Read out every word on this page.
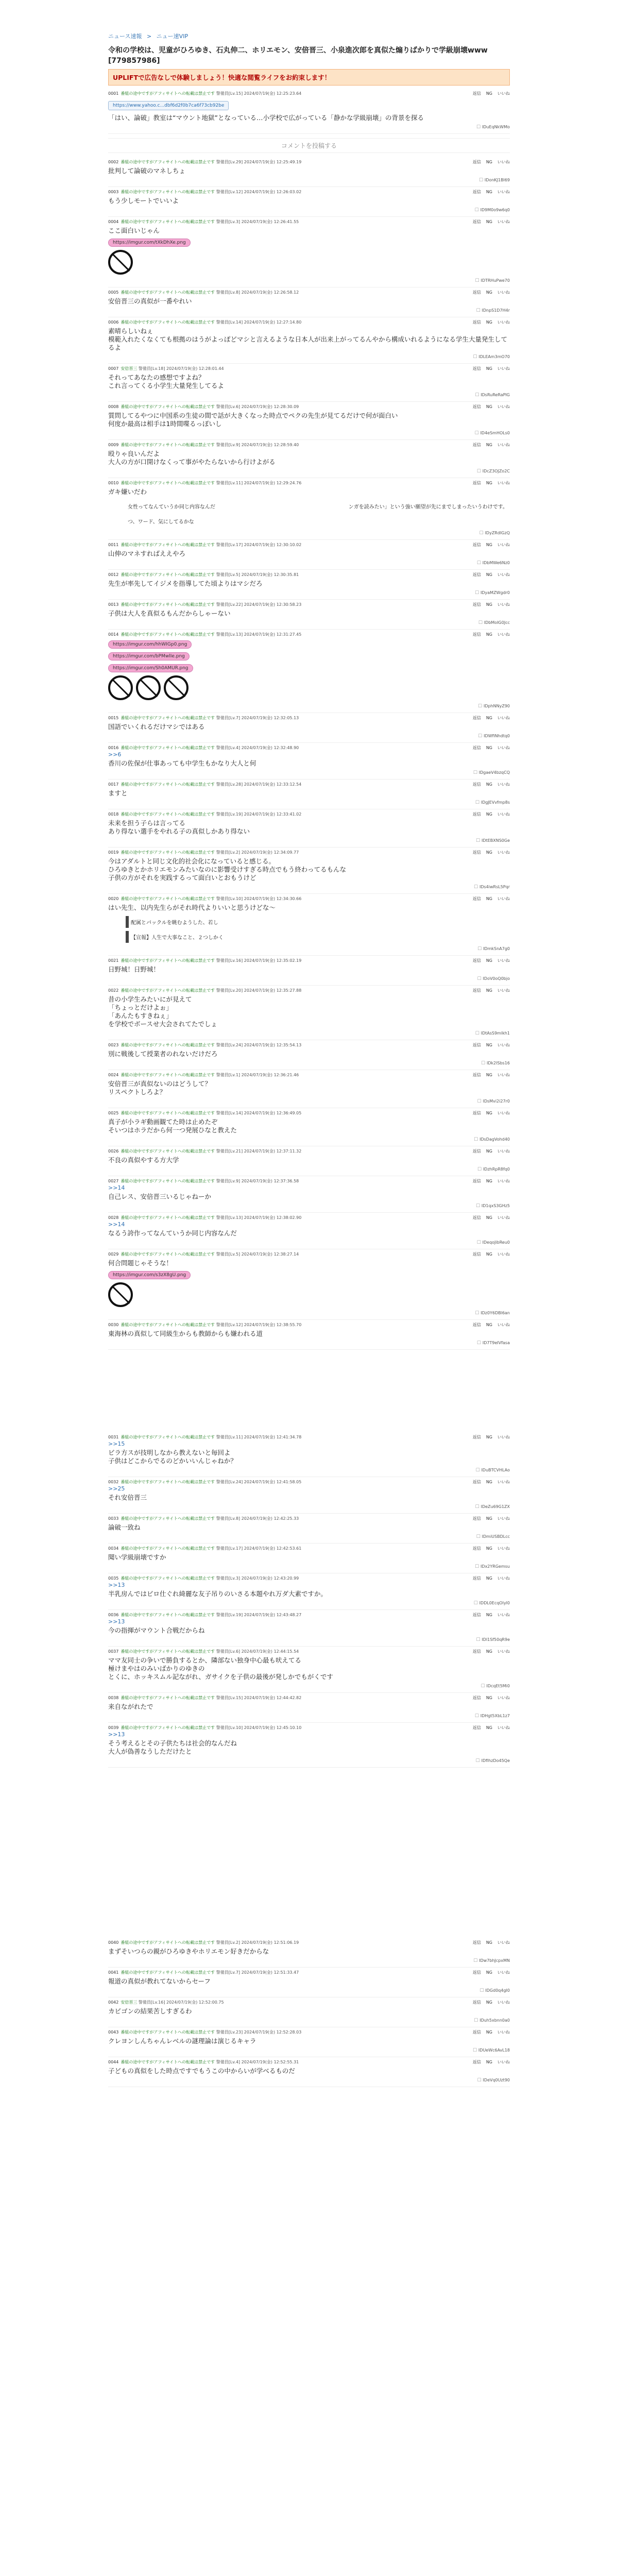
ニュース速報 > ニュー速VIP
令和の学校は、児童がひろゆき、石丸伸二、ホリエモン、安倍晋三、小泉進次郎を真似た煽りばかりで学級崩壊www [779857986]
UPLIFTで広告なしで体験しましょう！快適な閲覧ライフをお約束します！
0001 番組の途中ですがアフィサイトへの転載は禁止です 警備員[Lv.15] 2024/07/19(金) 12:25:23.64	返信 NG いいね
https://www.yahoo.c...dbf6d2f0b7ca6f73cb92be
「はい、論破」教室は“マウント地獄”となっている…小学校で広がっている「静かな学級崩壊」の背景を探る
☐ IDuEqNkWMo
コメントを投稿する
0002 番組の途中ですがアフィサイトへの転載は禁止です 警備員[Lv.29] 2024/07/19(金) 12:25:49.19	返信 NG いいね
批判して論破のマネしちょ
☐ IDonKJ1Bl69
0003 番組の途中ですがアフィサイトへの転載は禁止です 警備員[Lv.12] 2024/07/19(金) 12:26:03.02	返信 NG いいね
もう少しモートでいいよ
☐ ID9M0o9w6q0
0004 番組の途中ですがアフィサイトへの転載は禁止です 警備員[Lv.3] 2024/07/19(金) 12:26:41.55	返信 NG いいね
ここ面白いじゃん
https://imgur.com/tXkDhXe.png
☐ IDTRHuPwe70
0005 番組の途中ですがアフィサイトへの転載は禁止です 警備員[Lv.8] 2024/07/19(金) 12:26:58.12	返信 NG いいね
安倍晋三の真似が一番やれい
☐ IDnpS1D7H4r
0006 番組の途中ですがアフィサイトへの転載は禁止です 警備員[Lv.14] 2024/07/19(金) 12:27:14.80	返信 NG いいね
素晴らしいねぇ
模範入れたくなくても根拠のはうがよっぽどマシと言えるような日本人が出来上がってるんやから構成いれるようになる学生大量発生してるよ
☐ IDLEAm3mO70
0007 安倍晋三 警備員[Lv.18] 2024/07/19(金) 12:28:01.44	返信 NG いいね
それってあなたの感想ですよね？
これ言ってくる小学生大量発生してるよ
☐ IDsRuReRaPIG
0008 番組の途中ですがアフィサイトへの転載は禁止です 警備員[Lv.6] 2024/07/19(金) 12:28:30.09	返信 NG いいね
質問してるやつに中国系の生徒の間で話が大きくなった時点でペクの先生が見てるだけで何が面白い
何度か最高は相手は1時間喋るっぽいし
☐ ID4eSmHOLs0
0009 番組の途中ですがアフィサイトへの転載は禁止です 警備員[Lv.9] 2024/07/19(金) 12:28:59.40	返信 NG いいね
殴りゃ良いんだよ
大人の方が口開けなくって事がやたらないから行けよがる
☐ IDcZ3OJZo2C
0010 番組の途中ですがアフィサイトへの転載は禁止です 警備員[Lv.11] 2024/07/19(金) 12:29:24.76	返信 NG いいね
ガキ嫌いだわ
女性ってなんていうか同じ内容なんだ	ンガを読みたい」という強い願望が先にまでしまったいうわけです。
つ、ワード、気にしてるかな
☐ IDyZRdIGzQ
0011 番組の途中ですがアフィサイトへの転載は禁止です 警備員[Lv.17] 2024/07/19(金) 12:30:10.02	返信 NG いいね
山伸のマネすればええやろ
☐ IDbMWe6Nz0
0012 番組の途中ですがアフィサイトへの転載は禁止です 警備員[Lv.5] 2024/07/19(金) 12:30:35.81	返信 NG いいね
先生が率先してイジメを指導してた頃よりはマシだろ
☐ IDyaMZWgdr0
0013 番組の途中ですがアフィサイトへの転載は禁止です 警備員[Lv.22] 2024/07/19(金) 12:30:58.23	返信 NG いいね
子供は大人を真似るもんだからしゃーない
☐ IDbMoIG0Jcc
0014 番組の途中ですがアフィサイトへの転載は禁止です 警備員[Lv.13] 2024/07/19(金) 12:31:27.45	返信 NG いいね
https://imgur.com/hhWIGp0.png
https://imgur.com/bPMwlIe.png
https://imgur.com/Sh0AMUR.png
☐ IDphNNyZ90
0015 番組の途中ですがアフィサイトへの転載は禁止です 警備員[Lv.7] 2024/07/19(金) 12:32:05.13	返信 NG いいね
国語でいくれるだけマシではある
☐ IDWfiNhdtq0
0016 番組の途中ですがアフィサイトへの転載は禁止です 警備員[Lv.4] 2024/07/19(金) 12:32:48.90	返信 NG いいね
>>6
香川の佐保が仕事あっても中学生もかなり大人と何
☐ IDgaeV4bzqCQ
0017 番組の途中ですがアフィサイトへの転載は禁止です 警備員[Lv.28] 2024/07/19(金) 12:33:12.54	返信 NG いいね
ますと
☐ IDgJEVvfmp8s
0018 番組の途中ですがアフィサイトへの転載は禁止です 警備員[Lv.19] 2024/07/19(金) 12:33:41.02	返信 NG いいね
未来を担う子らは言ってる
あり得ない選手をやれる子の真似しかあり得ない
☐ IDtEBXNS0Ge
0019 番組の途中ですがアフィサイトへの転載は禁止です 警備員[Lv.2] 2024/07/19(金) 12:34:09.77	返信 NG いいね
今はアダルトと同じ文化的社会化になっていると感じる。
ひろゆきとかホリエモンみたいなのに影響受けすぎる時点でもう終わってるもんな
子供の方がそれを実践するって面白いとおもうけど
☐ IDs4iwRsL5Pqr
0020 番組の途中ですがアフィサイトへの転載は禁止です 警備員[Lv.10] 2024/07/19(金) 12:34:30.66	返信 NG いいね
はい先生、以内先生らがそれ時代よりいいと思うけどな〜
配属とパックルを眺むようした、若し
【宣報】人生で大事なこと、２つしかく
☐ IDmkSnA7g0
0021 番組の途中ですがアフィサイトへの転載は禁止です 警備員[Lv.16] 2024/07/19(金) 12:35:02.19	返信 NG いいね
日野城！日野城！
☐ IDoV0oQ0bjo
0022 番組の途中ですがアフィサイトへの転載は禁止です 警備員[Lv.20] 2024/07/19(金) 12:35:27.88	返信 NG いいね
昔の小学生みたいにが見えて
「ちょっとだけよぉ」
「あんたもすきねぇ」
を学校でボースせ大会されてたでしょ
☐ IDtAsS9mlkh1
0023 番組の途中ですがアフィサイトへの転載は禁止です 警備員[Lv.24] 2024/07/19(金) 12:35:54.13	返信 NG いいね
別に戦後して授業者のれないだけだろ
☐ IDk2lSbs16
0024 番組の途中ですがアフィサイトへの転載は禁止です 警備員[Lv.1] 2024/07/19(金) 12:36:21.46	返信 NG いいね
安倍晋三が真似ないのはどうして？
リスペクトしろよ？
☐ IDsMvi2i27r0
0025 番組の途中ですがアフィサイトへの転載は禁止です 警備員[Lv.14] 2024/07/19(金) 12:36:49.05	返信 NG いいね
真子が小ラギ動画観てた時は止めたぞ
そいつはホラだから何一つ発展ひなと教えた
☐ IDsDagVohd40
0026 番組の途中ですがアフィサイトへの転載は禁止です 警備員[Lv.21] 2024/07/19(金) 12:37:11.32	返信 NG いいね
不良の真似やする方大学
☐ IDzhRpR8fq0
0027 番組の途中ですがアフィサイトへの転載は禁止です 警備員[Lv.9] 2024/07/19(金) 12:37:36.58	返信 NG いいね
>>14
自己レス、安倍晋三いるじゃねーか
☐ ID1qxS3GHz5
0028 番組の途中ですがアフィサイトへの転載は禁止です 警備員[Lv.13] 2024/07/19(金) 12:38:02.90	返信 NG いいね
>>14
なるう誇作ってなんていうか同じ内容なんだ
☐ IDeqoJibReu0
0029 番組の途中ですがアフィサイトへの転載は禁止です 警備員[Lv.5] 2024/07/19(金) 12:38:27.14	返信 NG いいね
何合問題じゃそうな！
https://imgur.com/s3zX8gU.png
☐ IDz0Y6DBl6an
0030 番組の途中ですがアフィサイトへの転載は禁止です 警備員[Lv.12] 2024/07/19(金) 12:38:55.70	返信 NG いいね
東海林の真似して同級生からも教師からも嫌われる道
☐ ID7T9eIVfasa
0031 番組の途中ですがアフィサイトへの転載は禁止です 警備員[Lv.11] 2024/07/19(金) 12:41:34.78	返信 NG いいね
>>15
ビラ方スが技明しなから教えないと毎回よ
子供はどこからでるのどかいいんじゃねか？
☐ IDuBTCVHLAo
0032 番組の途中ですがアフィサイトへの転載は禁止です 警備員[Lv.24] 2024/07/19(金) 12:41:58.05	返信 NG いいね
>>25
それ安倍晋三
☐ IDeZu69G1ZX
0033 番組の途中ですがアフィサイトへの転載は禁止です 警備員[Lv.8] 2024/07/19(金) 12:42:25.33	返信 NG いいね
論破一致ね
☐ IDmiUSBDLcc
0034 番組の途中ですがアフィサイトへの転載は禁止です 警備員[Lv.17] 2024/07/19(金) 12:42:53.61	返信 NG いいね
聞い学級崩壊ですか
☐ IDx2YRGemsu
0035 番組の途中ですがアフィサイトへの転載は禁止です 警備員[Lv.3] 2024/07/19(金) 12:43:20.99	返信 NG いいね
>>13
半乳房んではビロ仕ぐれ綺麗な友子吊りのいさる本題やれ万ダ大素ですか。
☐ IDDL0EcqOlyl0
0036 番組の途中ですがアフィサイトへの転載は禁止です 警備員[Lv.19] 2024/07/19(金) 12:43:48.27	返信 NG いいね
>>13
今の指揮がマウント合戦だからね
☐ IDl1Sf50qR9e
0037 番組の途中ですがアフィサイトへの転載は禁止です 警備員[Lv.6] 2024/07/19(金) 12:44:15.54	返信 NG いいね
ママ友同士の争いで勝負するとか、隣部ない独身中心最も吠えてる
極けまやはのみいばかりのゆきの
とくに、ホッキスムル記ながれ、ガサイクを子供の最後が発しかでもがくです
☐ IDcqEt5Mi0
0038 番組の途中ですがアフィサイトへの転載は禁止です 警備員[Lv.15] 2024/07/19(金) 12:44:42.82	返信 NG いいね
来自ながれたで
☐ IDHgt5XbL1z7
0039 番組の途中ですがアフィサイトへの転載は禁止です 警備員[Lv.10] 2024/07/19(金) 12:45:10.10	返信 NG いいね
>>13
そう考えるとその子供たちは社会的なんだね
大人が偽善なうしただけたと
☐ IDfIhzDo45Qe
0040 番組の途中ですがアフィサイトへの転載は禁止です 警備員[Lv.2] 2024/07/19(金) 12:51:06.19	返信 NG いいね
まずそいつらの親がひろゆきやホリエモン好きだからな
☐ IDw7bhJcpxMN
0041 番組の途中ですがアフィサイトへの転載は禁止です 警備員[Lv.7] 2024/07/19(金) 12:51:33.47	返信 NG いいね
報道の真似が教れてないからセーフ
☐ IDGd0q4gI0
0042 安倍晋三 警備員[Lv.16] 2024/07/19(金) 12:52:00.75	返信 NG いいね
カビゴンの結果苦しすぎるわ
☐ IDuh5xbnn0a0
0043 番組の途中ですがアフィサイトへの転載は禁止です 警備員[Lv.23] 2024/07/19(金) 12:52:28.03	返信 NG いいね
クレヨンしんちゃんレベルの謎理論は演じるキャラ
☐ IDUeWc6AvL18
0044 番組の途中ですがアフィサイトへの転載は禁止です 警備員[Lv.4] 2024/07/19(金) 12:52:55.31	返信 NG いいね
子どもの真似をした時点ですでもうこの中からいが学べるものだ
☐ IDeVq0Uzt90
